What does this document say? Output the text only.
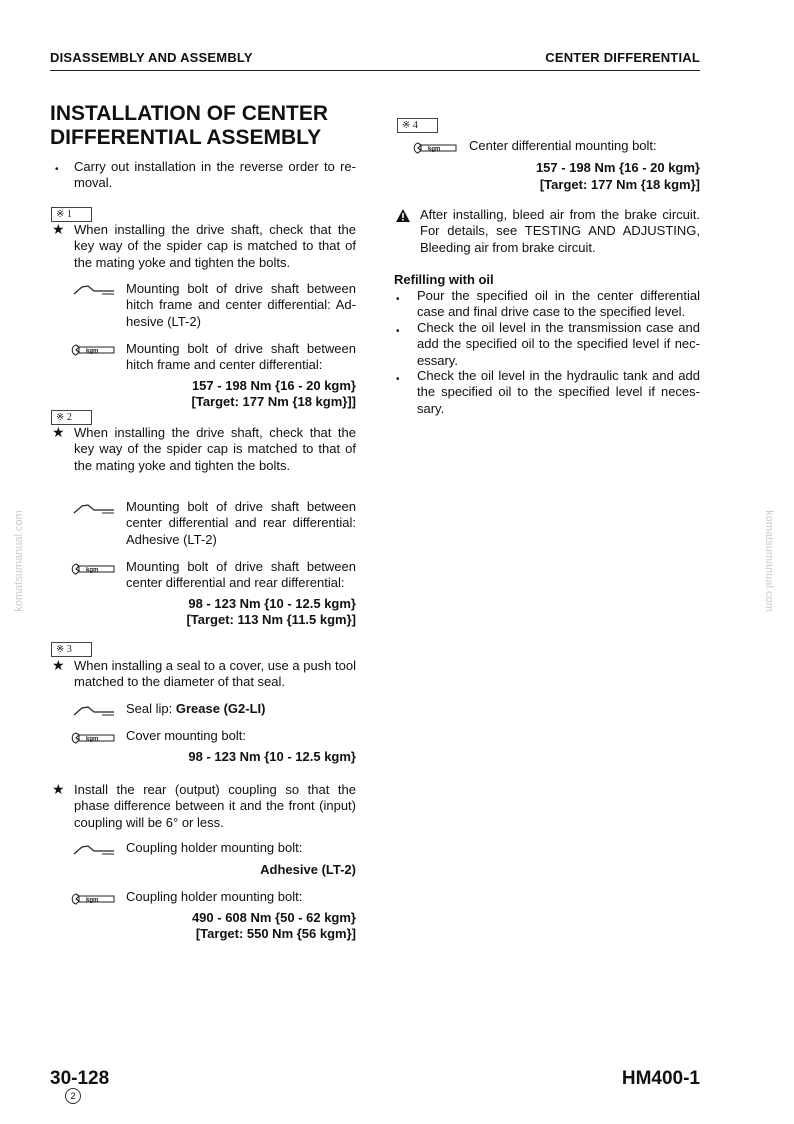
DISASSEMBLY AND ASSEMBLY	CENTER DIFFERENTIAL
INSTALLATION OF CENTER
DIFFERENTIAL ASSEMBLY
• Carry out installation in the reverse order to re-moval.
※ 1
★ When installing the drive shaft, check that the key way of the spider cap is matched to that of the mating yoke and tighten the bolts.
Mounting bolt of drive shaft between hitch frame and center differential: Ad-hesive (LT-2)
kgm Mounting bolt of drive shaft between hitch frame and center differential:
157 - 198 Nm {16 - 20 kgm}
[Target: 177 Nm {18 kgm}]]
※ 2
★ When installing the drive shaft, check that the key way of the spider cap is matched to that of the mating yoke and tighten the bolts.
Mounting bolt of drive shaft between center differential and rear differential: Adhesive (LT-2)
kgm Mounting bolt of drive shaft between center differential and rear differential:
98 - 123 Nm {10 - 12.5 kgm}
[Target: 113 Nm {11.5 kgm}]
※ 3
★ When installing a seal to a cover, use a push tool matched to the diameter of that seal.
Seal lip: Grease (G2-LI)
kgm Cover mounting bolt:
98 - 123 Nm {10 - 12.5 kgm}
★ Install the rear (output) coupling so that the phase difference between it and the front (input) coupling will be 6° or less.
Coupling holder mounting bolt:
Adhesive (LT-2)
kgm Coupling holder mounting bolt:
490 - 608 Nm {50 - 62 kgm}
[Target: 550 Nm {56 kgm}]
※ 4
kgm Center differential mounting bolt:
157 - 198 Nm {16 - 20 kgm}
[Target: 177 Nm {18 kgm}]
After installing, bleed air from the brake circuit. For details, see TESTING AND ADJUSTING, Bleeding air from brake circuit.
Refilling with oil
• Pour the specified oil in the center differential case and final drive case to the specified level.
• Check the oil level in the transmission case and add the specified oil to the specified level if nec-essary.
• Check the oil level in the hydraulic tank and add the specified oil to the specified level if neces-sary.
komatsumanual.com	komatsumanual.com
30-128
2
HM400-1
